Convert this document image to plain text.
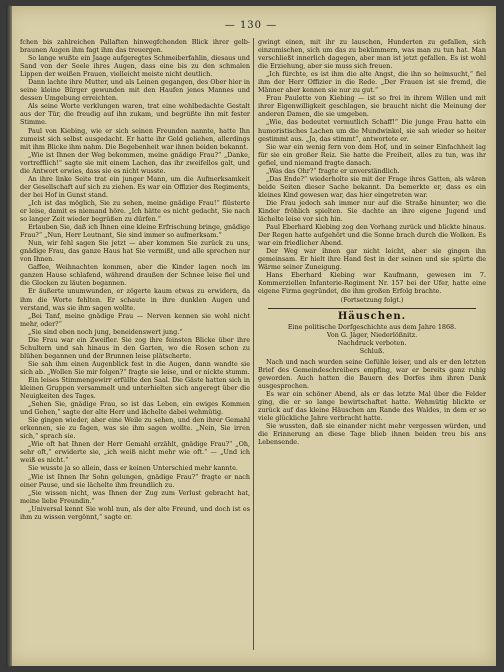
— 130 —

fchen bis zahlreichen Pallaften hinwegfchenden Blick ihrer gelb-braunen Augen ihm fagt ihm das treuergen.

So lange wußte ein Jaage aufgeregtes Schmeiberfahlin, diesaus und Sand von der Seele ihres Augen, dass eine bis zu den schmalen Lippen der weißen Frauen, vielleicht meiste nicht deutlich.

Dann lachte ihre Mutter, und als Leinen gegangen, des Ober hier in seine kleine Bürger gewunden mit den Haufen jenes Mannes und dessen Umgebung erreichten.

Als seine Worte verklungen waren, trat eine wohlbedachte Gestalt aus der Tür, die freudig auf ihn zukam, und begrüßte ihn mit fester Stimme.

Paul von Kiebing, wie er sich seinen Freunden nannte, hatte Ihn zumeist sich selbst ausgedacht. Er hatte ihr Geld geliehen, allerdings mit ihm Blicke ihm nahm. Die Begebenheit war ihnen beiden bekannt.

„Wie ist Ihnen der Weg bekommen, meine gnädige Frau?“ „Danke, vortrefflich!“ sagte sie mit einem Lachen, das ihr zweifellos galt, und die Antwort erwies, dass sie es nicht wusste.

An ihre linke Seite trat ein junger Mann, um die Aufmerksamkeit der Gesellschaft auf sich zu ziehen. Es war ein Offizier des Regiments, der bei Hof in Gunst stand.

„Ich ist das möglich, Sie zu sehen, meine gnädige Frau!“ flüsterte er leise, damit es niemand höre. „Ich hätte es nicht gedacht, Sie nach so langer Zeit wieder begrüßen zu dürfen.“

Erlauben Sie, daß ich Ihnen eine kleine Erfrischung bringe, gnädige Frau?“ „Nun, Herr Leutnant, Sie sind immer so aufmerksam.“

Nun, wir fehl sagen Sie jetzt — aber kommen Sie zurück zu uns, gnädige Frau, das ganze Haus hat Sie vermißt, und alle sprechen nur von Ihnen.

Gaffee, Weihnachten kommen, aber die Kinder lagen noch im ganzen Hause schlafend, während draußen der Schnee leise fiel und die Glocken zu läuten begannen.

Er äußerte unumwunden, er zögerte kaum etwas zu erwidern, da ihm die Worte fehlten. Er schaute in ihre dunklen Augen und verstand, was sie ihm sagen wollte.

„Bei Tanf, meine gnädige Frau — Nerven kennen sie wohl nicht mehr, oder?“

„Sie sind eben noch jung, beneidenswert jung.“

Die Frau war ein Zweifler. Sie zog ihre feinsten Blicke über ihre Schultern und sah hinaus in den Garten, wo die Rosen schon zu blühen begannen und der Brunnen leise plätscherte.

Sie sah ihm einen Augenblick fest in die Augen, dann wandte sie sich ab. „Wollen Sie mir folgen?“ fragte sie leise, und er nickte stumm.

Ein leises Stimmengewirr erfüllte den Saal. Die Gäste hatten sich in kleinen Gruppen versammelt und unterhielten sich angeregt über die Neuigkeiten des Tages.

„Sehen Sie, gnädige Frau, so ist das Leben, ein ewiges Kommen und Gehen,“ sagte der alte Herr und lächelte dabei wehmütig.

Sie gingen wieder, aber eine Weile zu sehen, und den ihrer Gemahl erkennen, sie zu fagen, was sie ihm sagen wollte. „Nein, Sie irren sich,“ sprach sie.

„Wie oft hat Ihnen der Herr Gemahl erzählt, gnädige Frau?“ „Oh, sehr oft,“ erwiderte sie, „ich weiß nicht mehr wie oft.“ — „Und ich weiß es nicht.“

Sie wusste ja so allein, dass er keinen Unterschied mehr kannte.

„Wie ist Ihnen Ihr Sohn gelungen, gnädige Frau?“ fragte er nach einer Pause, und sie lächelte ihm freundlich zu.

„Sie wissen nicht, was Ihnen der Zug zum Verlust gebracht hat, meine liebe Freundin.“

„Universal kennt Sie wohl nun, als der alte Freund, und doch ist es ihm zu wissen vergönnt,“ sagte er.

gwingt einen, mit ihr zu lauschen, Hunderten zu gefallen, sich einzumischen, sich um das zu bekümmern, was man zu tun hat. Man verschließt innerlich dagegen, aber man ist jetzt gefallen. Es ist wohl die Erziehung, aber sie muss sich freuen.

„Ich fürchte, es ist ihm die alte Angst, die ihn so heimsucht,“ fiel ihm der Herr Offizier in die Rede. „Der Frauen ist sie fremd, die Männer aber kennen sie nur zu gut.“

Frau Paulette von Kiebing — ist so frei in ihrem Willen und mit ihrer Eigenwilligkeit geschlagen, sie braucht nicht die Meinung der anderen Damen, die sie umgeben.

„Wie, das bedeutet vermutlich Schaff!“ Die junge Frau hatte ein humoristisches Lachen um die Mundwinkel, sie sah wieder so heiter gestimmt aus. „Ja, das stimmt“, antwortete er.

Sie war ein wenig fern von dem Hof, und in seiner Einfachheit lag für sie ein großer Reiz. Sie hatte die Freiheit, alles zu tun, was ihr gefiel, und niemand fragte danach.

„Was das Ohr?“ fragte er unverständlich.

„Das Ende?“ wiederholte sie mit der Frage ihres Gatten, als wären beide Seiten dieser Sache bekannt. Da bemerkte er, dass es ein kleines Kind gewesen war, das hier eingetreten war.

Die Frau jedoch sah immer nur auf die Straße hinunter, wo die Kinder fröhlich spielten. Sie dachte an ihre eigene Jugend und lächelte leise vor sich hin.

Paul Eberhard Kiebing zog den Vorhang zurück und blickte hinaus. Der Regen hatte aufgehört und die Sonne brach durch die Wolken. Es war ein friedlicher Abend.

Der Weg war ihnen gar nicht leicht, aber sie gingen ihn gemeinsam. Er hielt ihre Hand fest in der seinen und sie spürte die Wärme seiner Zuneigung.

Hans Eberhard Kiebing war Kaufmann, gewesen im 7. Kommerziellen Infanterie-Regiment Nr. 157 bei der Ufer, hatte eine eigene Firma gegründet, die ihm großen Erfolg brachte.

(Fortsetzung folgt.)

Häuschen.
Eine politische Dorfgeschichte aus dem Jahre 1868.
Von G. Jäger, Niederlößnitz.
Nachdruck verboten.
Schluß.

Nach und nach wurden seine Gefühle leiser, und als er den letzten Brief des Gemeindeschreibers empfing, war er bereits ganz ruhig geworden. Auch hatten die Bauern des Dorfes ihm ihren Dank ausgesprochen.

Es war ein schöner Abend, als er das letzte Mal über die Felder ging, die er so lange bewirtschaftet hatte. Wehmütig blickte er zurück auf das kleine Häuschen am Rande des Waldes, in dem er so viele glückliche Jahre verbracht hatte.

Sie wussten, daß sie einander nicht mehr vergessen würden, und die Erinnerung an diese Tage blieb ihnen beiden treu bis ans Lebensende.
